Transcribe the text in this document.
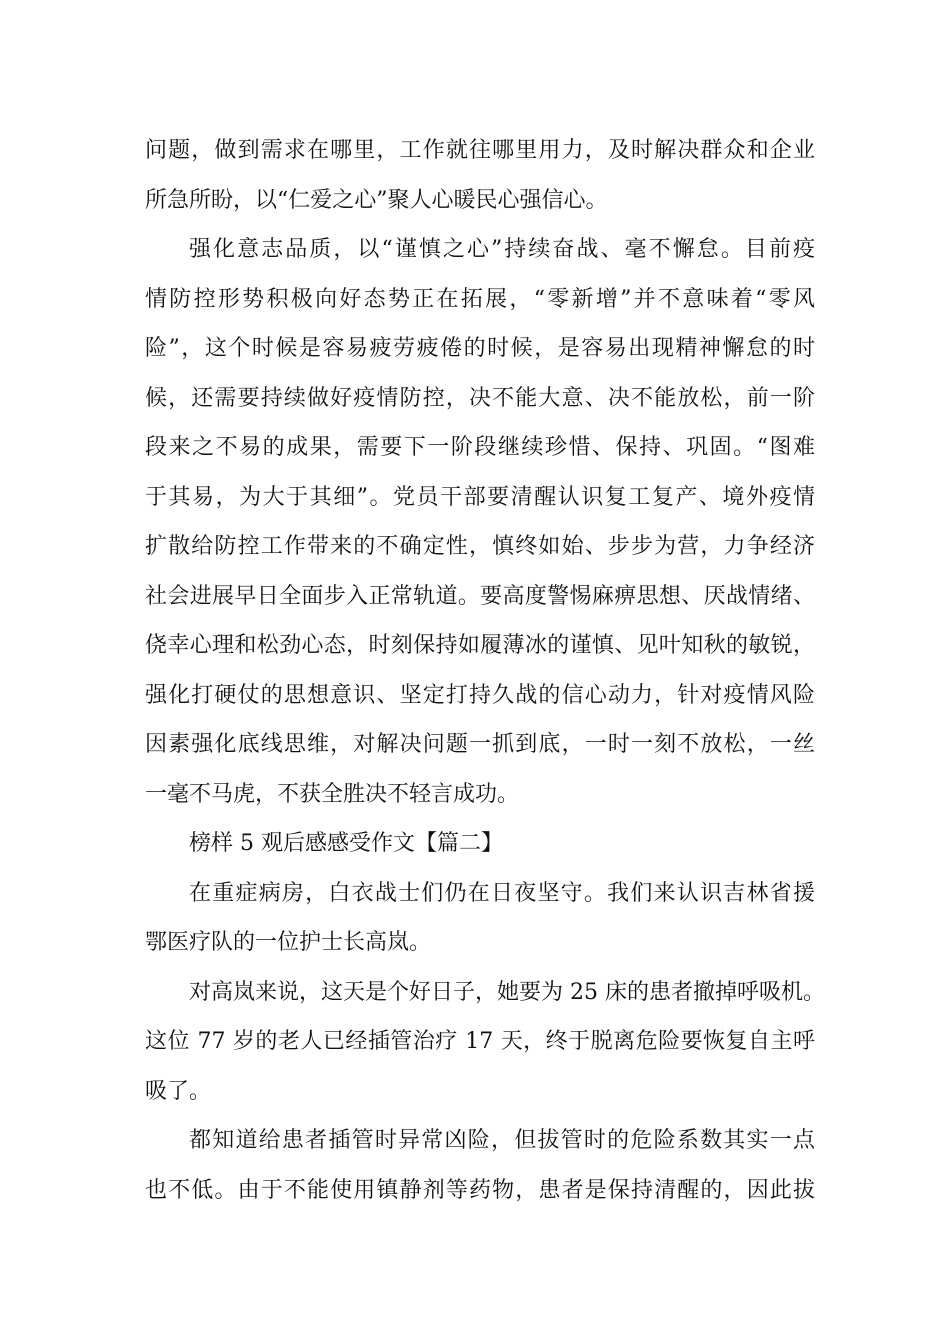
问题，做到需求在哪里，工作就往哪里用力，及时解决群众和企业
所急所盼，以“仁爱之心”聚人心暖民心强信心。
强化意志品质，以“谨慎之心”持续奋战、毫不懈怠。目前疫
情防控形势积极向好态势正在拓展，“零新增”并不意味着“零风
险”，这个时候是容易疲劳疲倦的时候，是容易出现精神懈怠的时
候，还需要持续做好疫情防控，决不能大意、决不能放松，前一阶
段来之不易的成果，需要下一阶段继续珍惜、保持、巩固。“图难
于其易，为大于其细”。党员干部要清醒认识复工复产、境外疫情
扩散给防控工作带来的不确定性，慎终如始、步步为营，力争经济
社会进展早日全面步入正常轨道。要高度警惕麻痹思想、厌战情绪、
侥幸心理和松劲心态，时刻保持如履薄冰的谨慎、见叶知秋的敏锐，
强化打硬仗的思想意识、坚定打持久战的信心动力，针对疫情风险
因素强化底线思维，对解决问题一抓到底，一时一刻不放松，一丝
一毫不马虎，不获全胜决不轻言成功。
榜样 5 观后感感受作文【篇二】
在重症病房，白衣战士们仍在日夜坚守。我们来认识吉林省援
鄂医疗队的一位护士长高岚。
对高岚来说，这天是个好日子，她要为 25 床的患者撤掉呼吸机。
这位 77 岁的老人已经插管治疗 17 天，终于脱离危险要恢复自主呼
吸了。
都知道给患者插管时异常凶险，但拔管时的危险系数其实一点
也不低。由于不能使用镇静剂等药物，患者是保持清醒的，因此拔
